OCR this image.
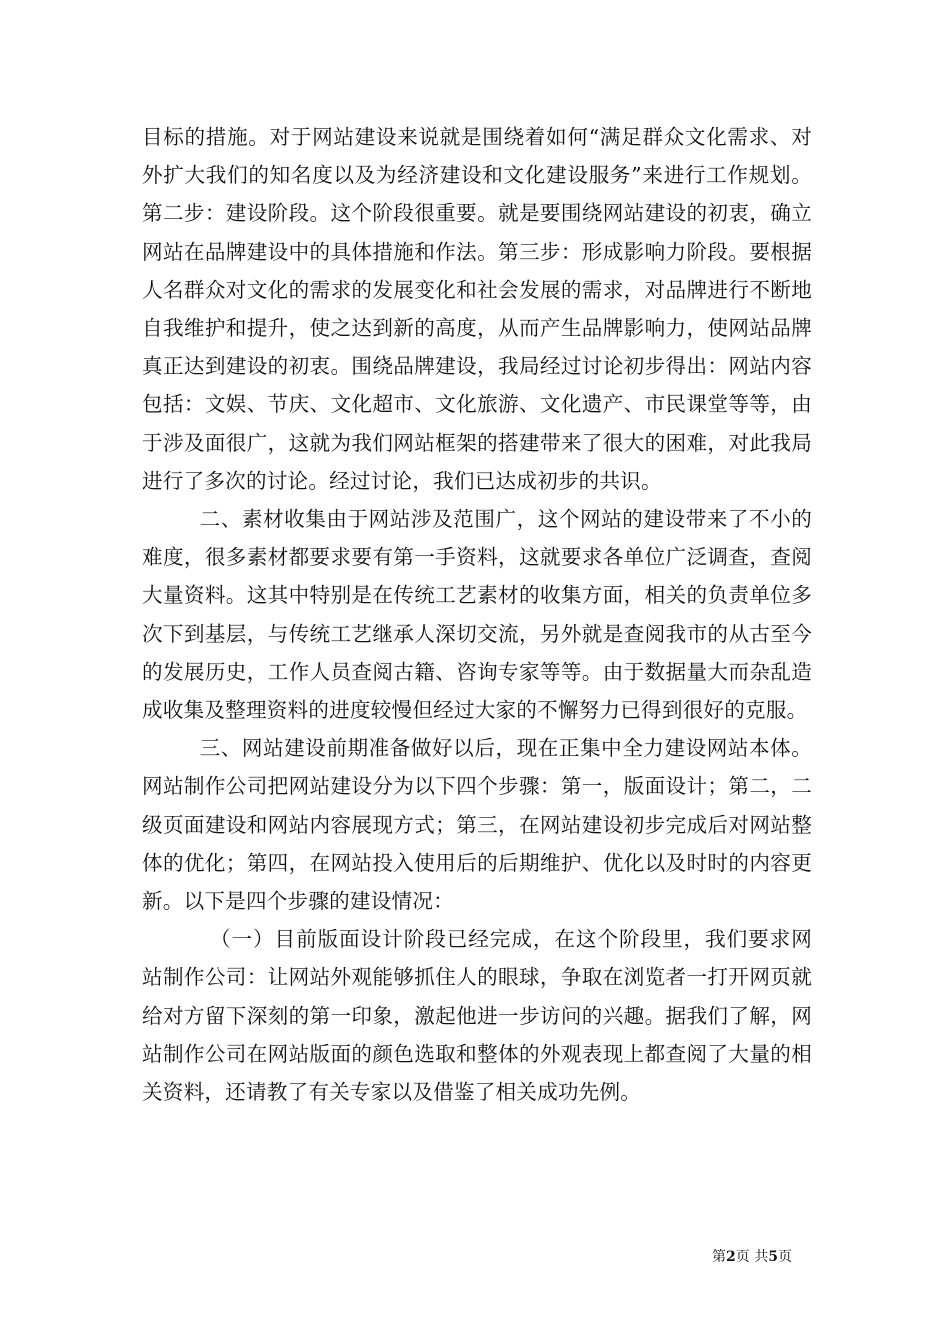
目标的措施。对于网站建设来说就是围绕着如何“满足群众文化需求、对外扩大我们的知名度以及为经济建设和文化建设服务”来进行工作规划。第二步：建设阶段。这个阶段很重要。就是要围绕网站建设的初衷，确立网站在品牌建设中的具体措施和作法。第三步：形成影响力阶段。要根据人名群众对文化的需求的发展变化和社会发展的需求，对品牌进行不断地自我维护和提升，使之达到新的高度，从而产生品牌影响力，使网站品牌真正达到建设的初衷。围绕品牌建设，我局经过讨论初步得出：网站内容包括：文娱、节庆、文化超市、文化旅游、文化遗产、市民课堂等等，由于涉及面很广，这就为我们网站框架的搭建带来了很大的困难，对此我局进行了多次的讨论。经过讨论，我们已达成初步的共识。

二、素材收集由于网站涉及范围广，这个网站的建设带来了不小的难度，很多素材都要求要有第一手资料，这就要求各单位广泛调查，查阅大量资料。这其中特别是在传统工艺素材的收集方面，相关的负责单位多次下到基层，与传统工艺继承人深切交流，另外就是查阅我市的从古至今的发展历史，工作人员查阅古籍、咨询专家等等。由于数据量大而杂乱造成收集及整理资料的进度较慢但经过大家的不懈努力已得到很好的克服。

三、网站建设前期准备做好以后，现在正集中全力建设网站本体。网站制作公司把网站建设分为以下四个步骤：第一，版面设计；第二，二级页面建设和网站内容展现方式；第三，在网站建设初步完成后对网站整体的优化；第四，在网站投入使用后的后期维护、优化以及时时的内容更新。以下是四个步骤的建设情况：

（一）目前版面设计阶段已经完成，在这个阶段里，我们要求网站制作公司：让网站外观能够抓住人的眼球，争取在浏览者一打开网页就给对方留下深刻的第一印象，激起他进一步访问的兴趣。据我们了解，网站制作公司在网站版面的颜色选取和整体的外观表现上都查阅了大量的相关资料，还请教了有关专家以及借鉴了相关成功先例。

第2页 共5页
